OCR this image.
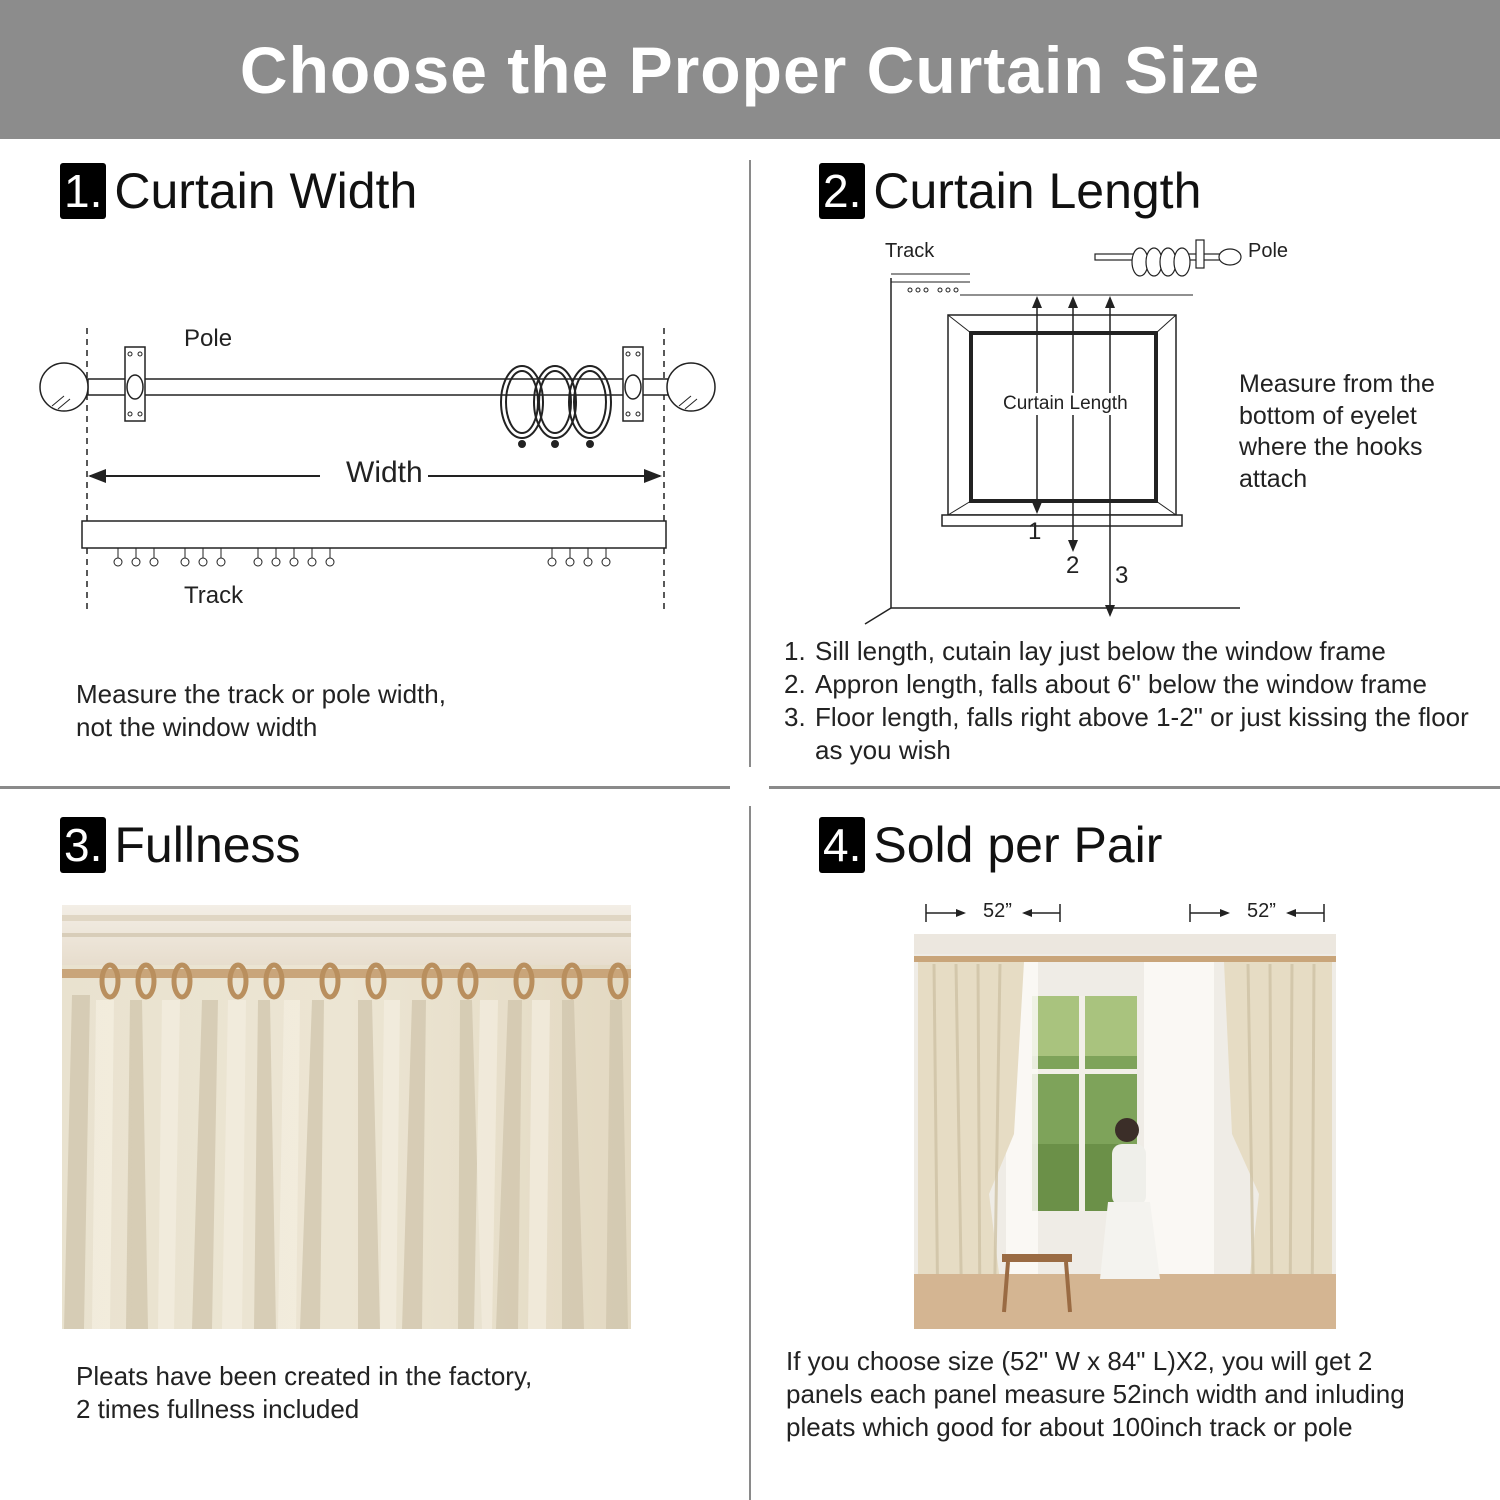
Choose the Proper Curtain Size
1. Curtain Width
Pole
Width
Track
Measure the track or pole width,
not the window width
2. Curtain Length
Track	Pole
Curtain Length
1
2 3
Measure from the
bottom of eyelet
where the hooks
attach
1. Sill length, cutain lay just below the window frame
2. Appron length, falls about 6" below the window frame
3. Floor length, falls right above 1-2" or just kissing the floor as you wish
3. Fullness
Pleats have been created in the factory,
2 times fullness included
4. Sold per Pair
52”	52”
If you choose size (52" W x 84" L)X2, you will get 2
panels each panel measure 52inch width and inluding
pleats which good for about 100inch track or pole
